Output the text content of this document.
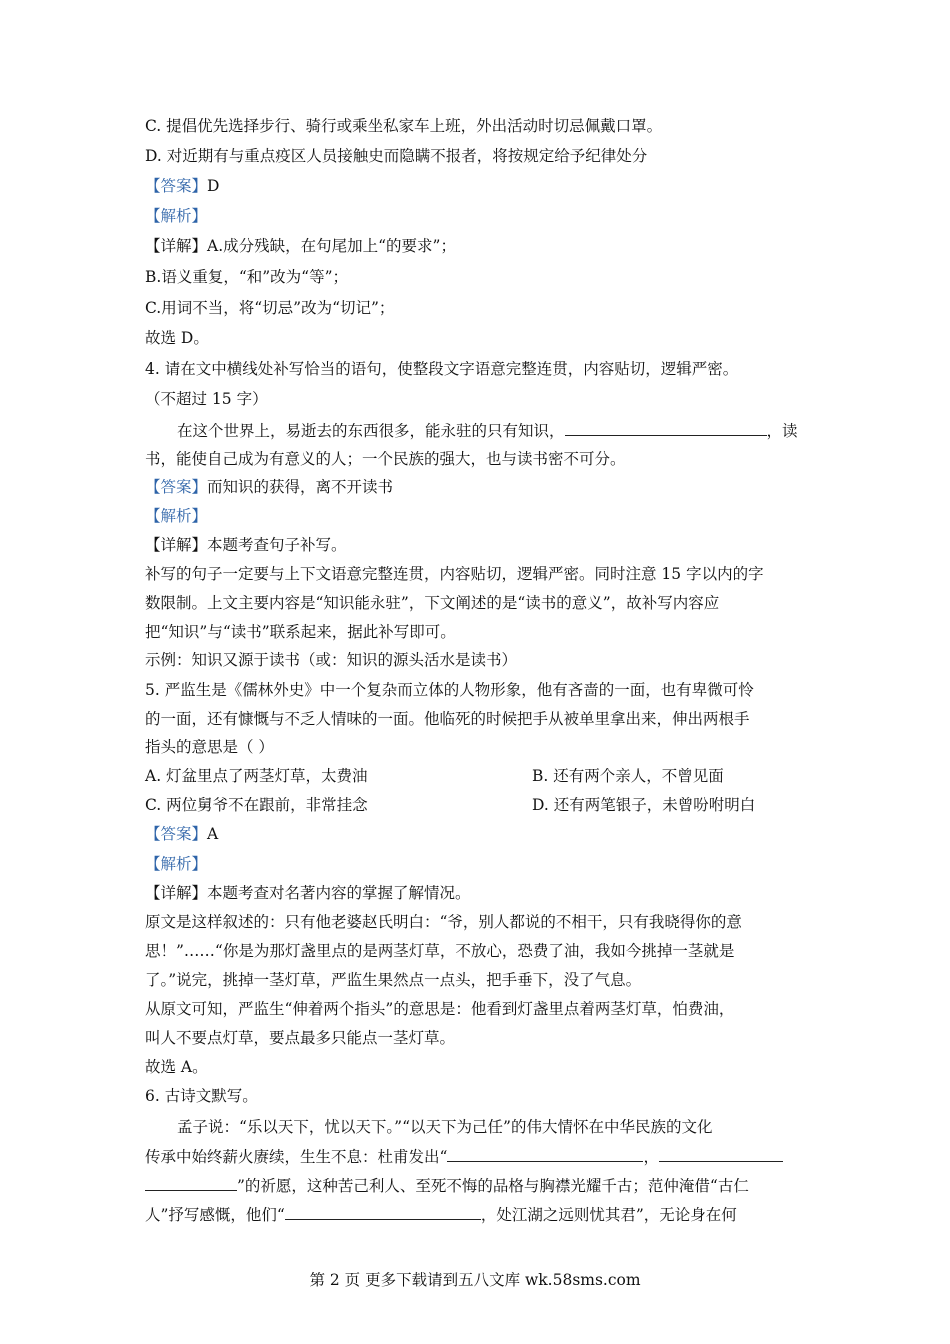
C. 提倡优先选择步行、骑行或乘坐私家车上班，外出活动时切忌佩戴口罩。
D. 对近期有与重点疫区人员接触史而隐瞒不报者，将按规定给予纪律处分
【答案】D
【解析】
【详解】A.成分残缺，在句尾加上“的要求”；
B.语义重复，“和”改为“等”；
C.用词不当，将“切忌”改为“切记”；
故选 D。
4. 请在文中横线处补写恰当的语句，使整段文字语意完整连贯，内容贴切，逻辑严密。
（不超过 15 字）
在这个世界上，易逝去的东西很多，能永驻的只有知识，	，读
书，能使自己成为有意义的人；一个民族的强大，也与读书密不可分。
【答案】而知识的获得，离不开读书
【解析】
【详解】本题考查句子补写。
补写的句子一定要与上下文语意完整连贯，内容贴切，逻辑严密。同时注意 15 字以内的字
数限制。上文主要内容是“知识能永驻”，下文阐述的是“读书的意义”，故补写内容应
把“知识”与“读书”联系起来，据此补写即可。
示例：知识又源于读书（或：知识的源头活水是读书）
5. 严监生是《儒林外史》中一个复杂而立体的人物形象，他有吝啬的一面，也有卑微可怜
的一面，还有慷慨与不乏人情味的一面。他临死的时候把手从被单里拿出来，伸出两根手
指头的意思是（ ）
A. 灯盆里点了两茎灯草，太费油	B. 还有两个亲人，不曾见面
C. 两位舅爷不在跟前，非常挂念	D. 还有两笔银子，未曾吩咐明白
【答案】A
【解析】
【详解】本题考查对名著内容的掌握了解情况。
原文是这样叙述的：只有他老婆赵氏明白：“爷，别人都说的不相干，只有我晓得你的意
思！”……“你是为那灯盏里点的是两茎灯草，不放心，恐费了油，我如今挑掉一茎就是
了。”说完，挑掉一茎灯草，严监生果然点一点头，把手垂下，没了气息。
从原文可知，严监生“伸着两个指头”的意思是：他看到灯盏里点着两茎灯草，怕费油，
叫人不要点灯草，要点最多只能点一茎灯草。
故选 A。
6. 古诗文默写。
孟子说：“乐以天下，忧以天下。”“以天下为己任”的伟大情怀在中华民族的文化
传承中始终薪火赓续，生生不息：杜甫发出“	，
”的祈愿，这种苦己利人、至死不悔的品格与胸襟光耀千古；范仲淹借“古仁
人”抒写感慨，他们“	，处江湖之远则忧其君”，无论身在何
第 2 页 更多下载请到五八文库 wk.58sms.com
